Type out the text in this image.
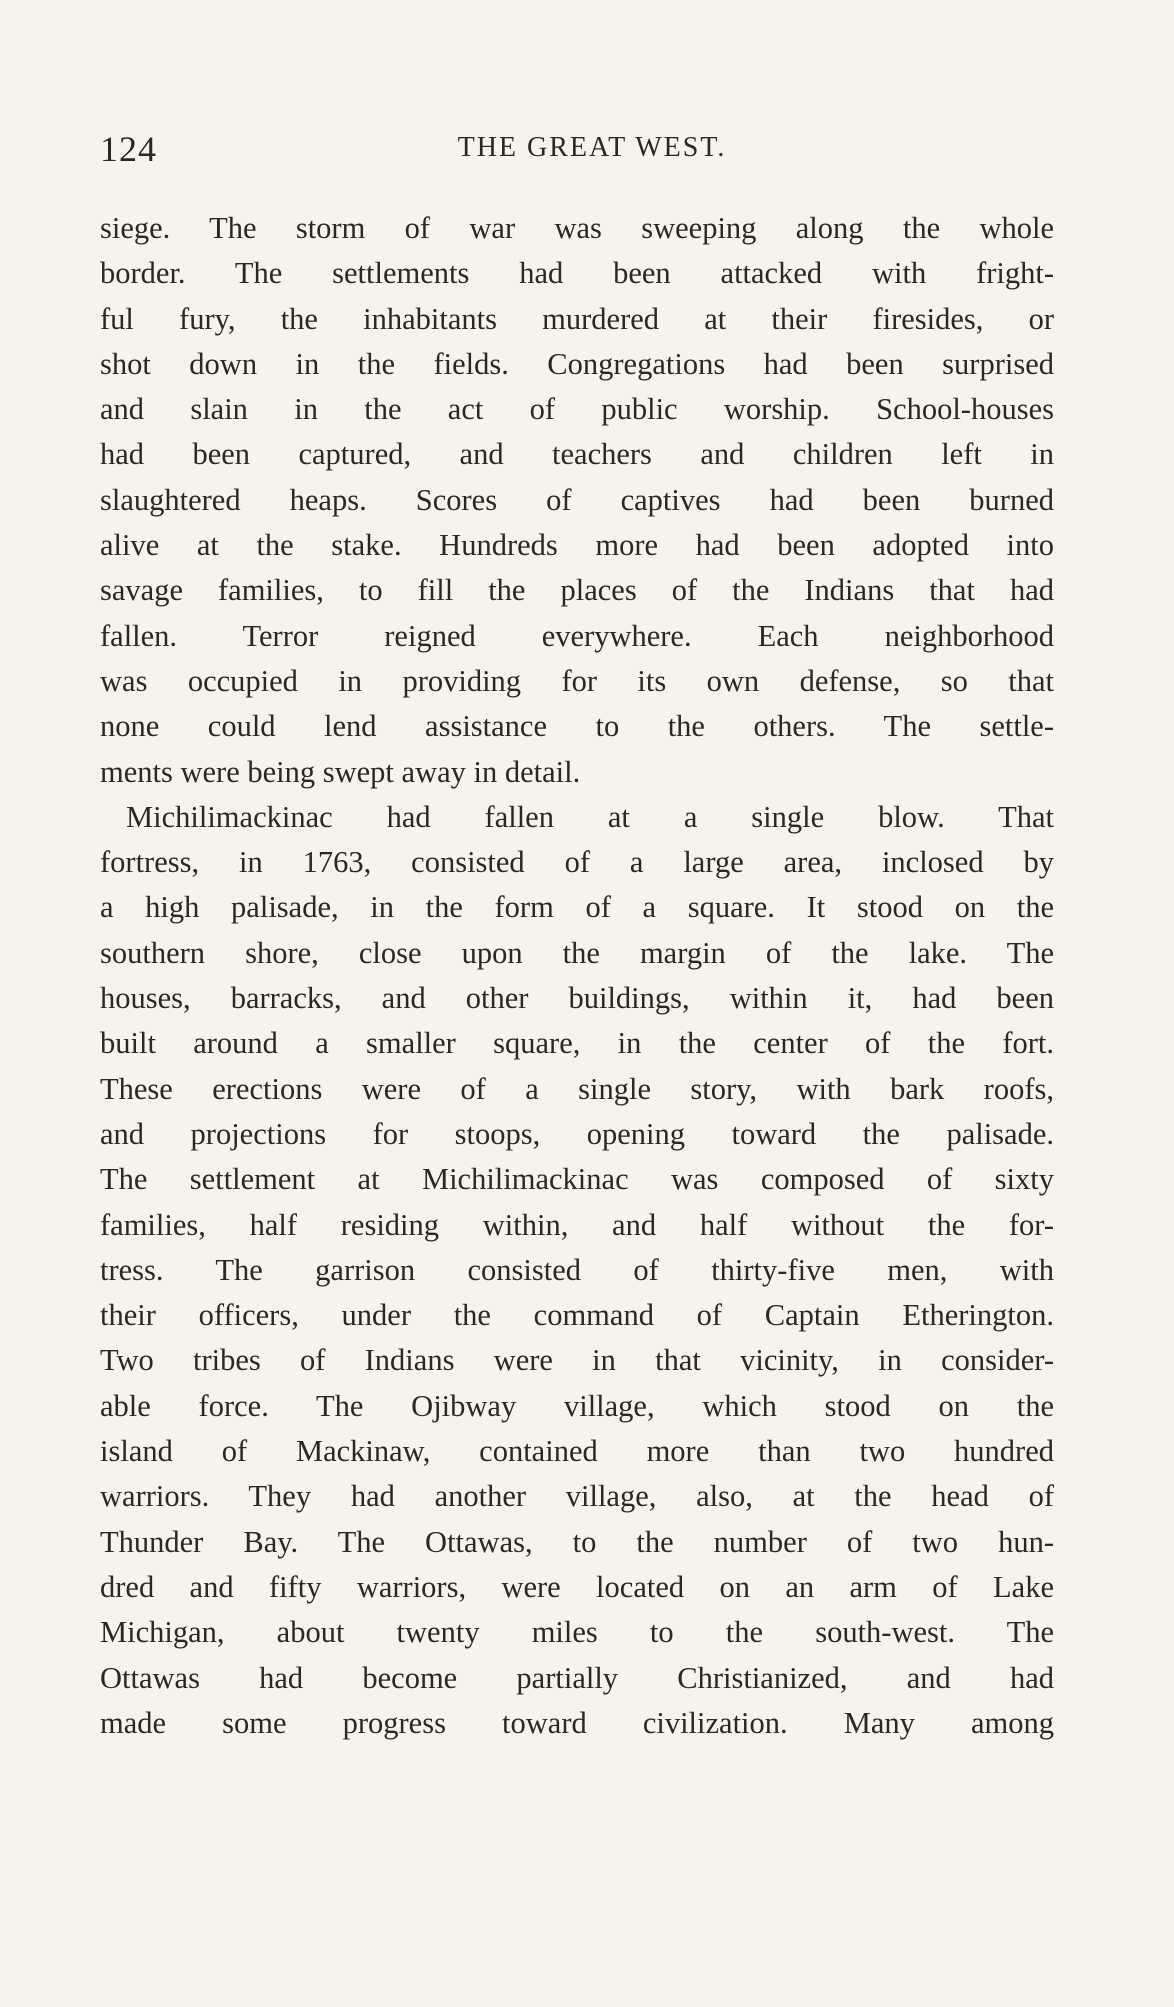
124	THE GREAT WEST.
siege. The storm of war was sweeping along the whole
border. The settlements had been attacked with fright-
ful fury, the inhabitants murdered at their firesides, or
shot down in the fields. Congregations had been surprised
and slain in the act of public worship. School-houses
had been captured, and teachers and children left in
slaughtered heaps. Scores of captives had been burned
alive at the stake. Hundreds more had been adopted into
savage families, to fill the places of the Indians that had
fallen. Terror reigned everywhere. Each neighborhood
was occupied in providing for its own defense, so that
none could lend assistance to the others. The settle-
ments were being swept away in detail.
Michilimackinac had fallen at a single blow. That
fortress, in 1763, consisted of a large area, inclosed by
a high palisade, in the form of a square. It stood on the
southern shore, close upon the margin of the lake. The
houses, barracks, and other buildings, within it, had been
built around a smaller square, in the center of the fort.
These erections were of a single story, with bark roofs,
and projections for stoops, opening toward the palisade.
The settlement at Michilimackinac was composed of sixty
families, half residing within, and half without the for-
tress. The garrison consisted of thirty-five men, with
their officers, under the command of Captain Etherington.
Two tribes of Indians were in that vicinity, in consider-
able force. The Ojibway village, which stood on the
island of Mackinaw, contained more than two hundred
warriors. They had another village, also, at the head of
Thunder Bay. The Ottawas, to the number of two hun-
dred and fifty warriors, were located on an arm of Lake
Michigan, about twenty miles to the south-west. The
Ottawas had become partially Christianized, and had
made some progress toward civilization. Many among
